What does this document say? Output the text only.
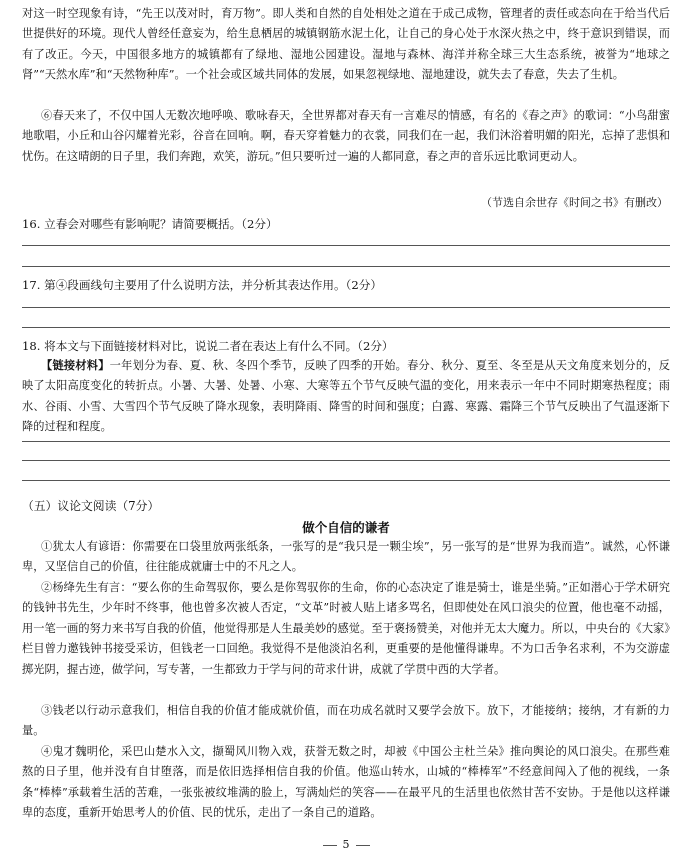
对这一时空现象有诗，“先王以茂对时，育万物”。即人类和自然的自处相处之道在于成己成物，管理者的责任或态向在于给当代后世提供好的环境。现代人曾经任意妄为，给生息栖居的城镇钢筋水泥土化，让自己的身心处于水深火热之中，终于意识到错误，而有了改正。今天，中国很多地方的城镇都有了绿地、湿地公园建设。湿地与森林、海洋并称全球三大生态系统，被誉为“地球之肾”“天然水库”和“天然物种库”。一个社会或区域共同体的发展，如果忽视绿地、湿地建设，就失去了春意，失去了生机。

⑥春天来了，不仅中国人无数次地呼唤、歌咏春天，全世界都对春天有一言难尽的情感，有名的《春之声》的歌词：“小鸟甜蜜地歌唱，小丘和山谷闪耀着光彩，谷音在回响。啊，春天穿着魅力的衣裳，同我们在一起，我们沐浴着明媚的阳光，忘掉了悲惧和忧伤。在这晴朗的日子里，我们奔跑，欢笑，游玩。”但只要听过一遍的人都同意，春之声的音乐远比歌词更动人。

（节选自余世存《时间之书》有删改）
16. 立春会对哪些有影响呢？请简要概括。（2分）
17. 第④段画线句主要用了什么说明方法，并分析其表达作用。（2分）
18. 将本文与下面链接材料对比，说说二者在表达上有什么不同。（2分）

【链接材料】一年划分为春、夏、秋、冬四个季节，反映了四季的开始。春分、秋分、夏至、冬至是从天文角度来划分的，反映了太阳高度变化的转折点。小暑、大暑、处暑、小寒、大寒等五个节气反映气温的变化，用来表示一年中不同时期寒热程度；雨水、谷雨、小雪、大雪四个节气反映了降水现象，表明降雨、降雪的时间和强度；白露、寒露、霜降三个节气反映出了气温逐渐下降的过程和程度。

（五）议论文阅读（7分）
做个自信的谦者

①犹太人有谚语：你需要在口袋里放两张纸条，一张写的是“我只是一颗尘埃”，另一张写的是“世界为我而造”。诚然，心怀谦卑，又坚信自己的价值，往往能成就庸士中的不凡之人。

②杨绛先生有言：“要么你的生命驾驭你，要么是你驾驭你的生命，你的心态决定了谁是骑士，谁是坐骑。”正如潜心于学术研究的钱钟书先生，少年时不终事，他也曾多次被人否定，“文革”时被人贴上诸多骂名，但即使处在风口浪尖的位置，他也毫不动摇，用一笔一画的努力来书写自我的价值，他觉得那是人生最美妙的感觉。至于褒扬赞美，对他并无太大魔力。所以，中央台的《大家》栏目曾力邀钱钟书接受采访，但钱老一口回绝。我觉得不是他淡泊名利，更重要的是他懂得谦卑。不为口舌争名求利，不为交游虚掷光阴，握古迹，做学问，写专著，一生都致力于学与问的苛求什讲，成就了学贯中西的大学者。

③钱老以行动示意我们，相信自我的价值才能成就价值，而在功成名就时又要学会放下。放下，才能接纳；接纳，才有新的力量。

④鬼才魏明伦，采巴山楚水入文，撷蜀风川物入戏，获誉无数之时，却被《中国公主杜兰朵》推向舆论的风口浪尖。在那些难熬的日子里，他并没有自甘堕落，而是依旧选择相信自我的价值。他巡山转水，山城的“棒棒军”不经意间闯入了他的视线，一条条“棒棒”承载着生活的苦难，一张张被纹堆满的脸上，写满灿烂的笑容——在最平凡的生活里也依然甘苦不安协。于是他以这样谦卑的态度，重新开始思考人的价值、民的忧乐，走出了一条自己的道路。

5
